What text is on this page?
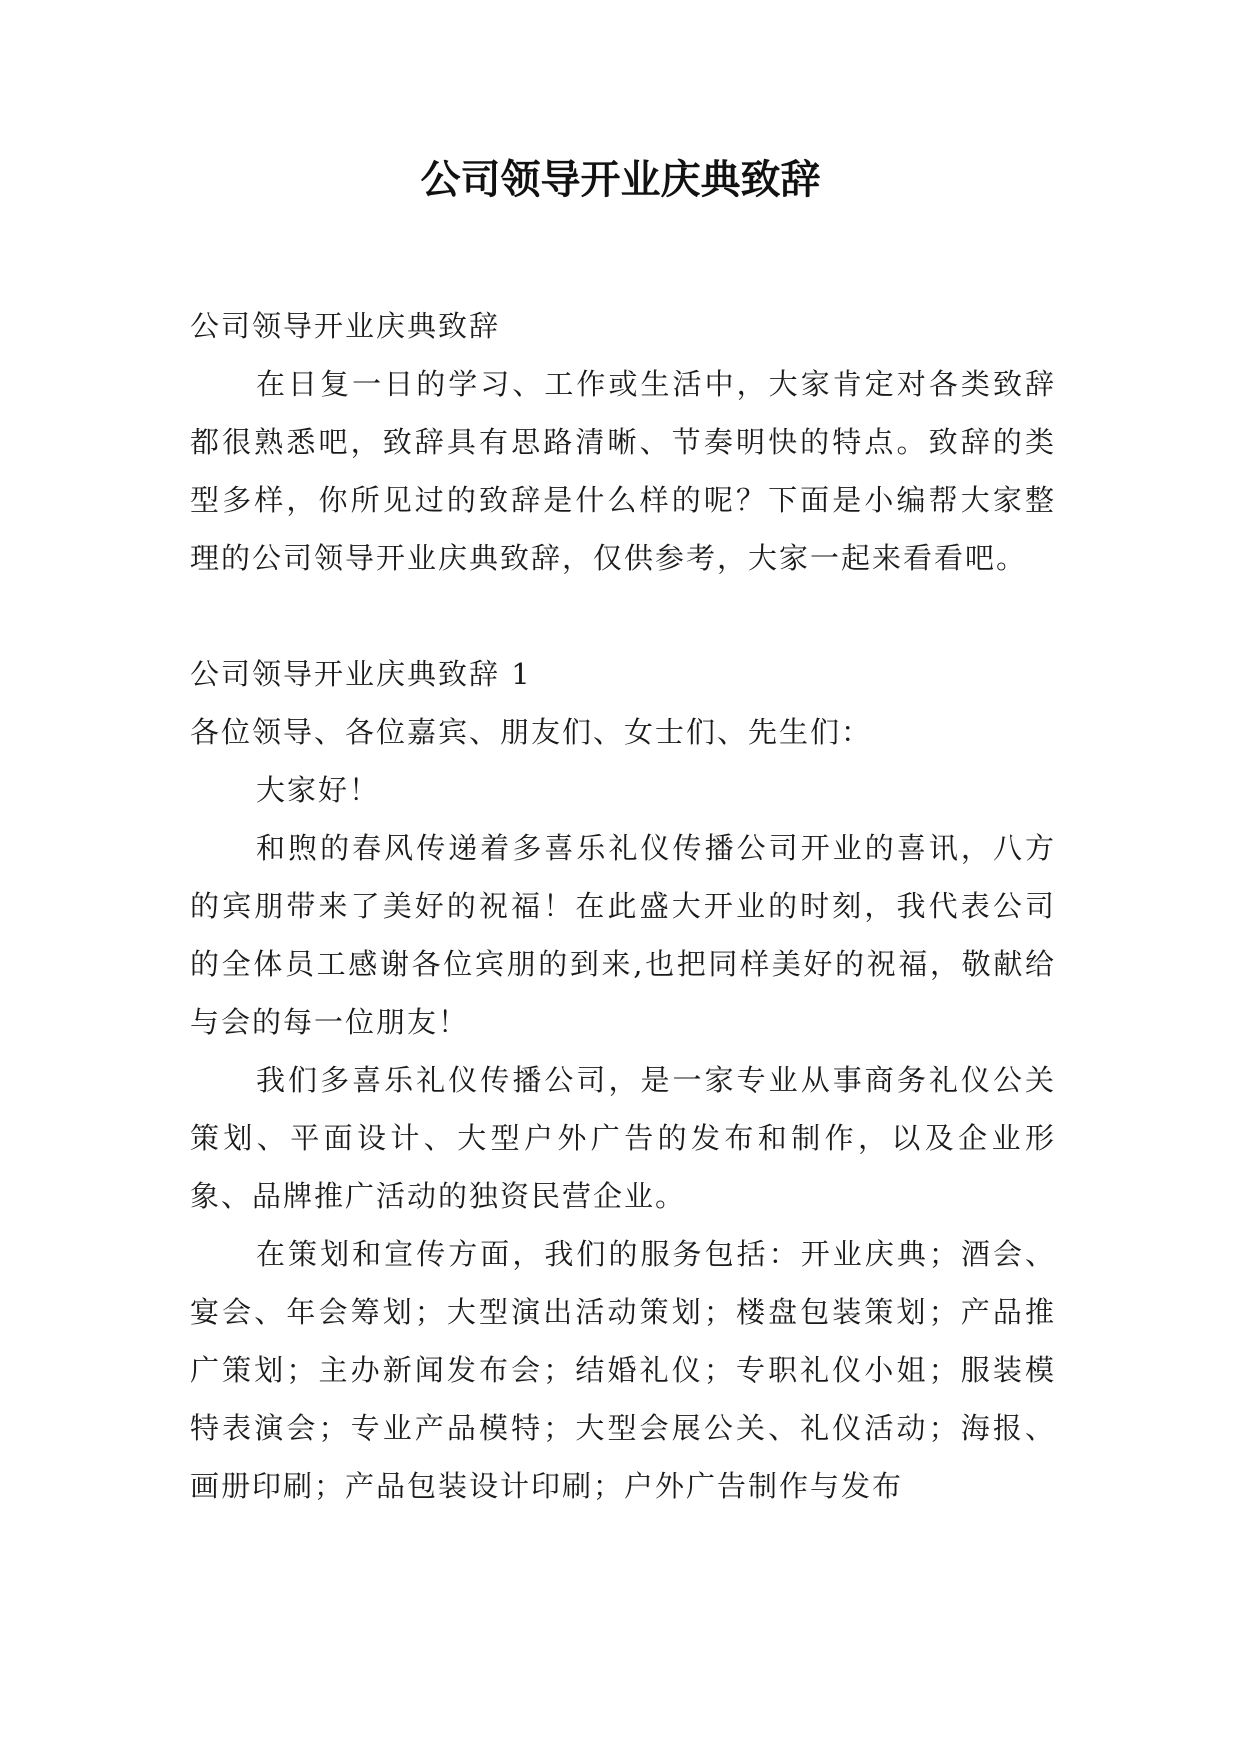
公司领导开业庆典致辞

公司领导开业庆典致辞

在日复一日的学习、工作或生活中，大家肯定对各类致辞都很熟悉吧，致辞具有思路清晰、节奏明快的特点。致辞的类型多样，你所见过的致辞是什么样的呢？下面是小编帮大家整理的公司领导开业庆典致辞，仅供参考，大家一起来看看吧。

公司领导开业庆典致辞 1

各位领导、各位嘉宾、朋友们、女士们、先生们：

大家好！

和煦的春风传递着多喜乐礼仪传播公司开业的喜讯，八方的宾朋带来了美好的祝福！在此盛大开业的时刻，我代表公司的全体员工感谢各位宾朋的到来,也把同样美好的祝福，敬献给与会的每一位朋友！

我们多喜乐礼仪传播公司，是一家专业从事商务礼仪公关策划、平面设计、大型户外广告的发布和制作，以及企业形象、品牌推广活动的独资民营企业。

在策划和宣传方面，我们的服务包括：开业庆典；酒会、宴会、年会筹划；大型演出活动策划；楼盘包装策划；产品推广策划；主办新闻发布会；结婚礼仪；专职礼仪小姐；服装模特表演会；专业产品模特；大型会展公关、礼仪活动；海报、画册印刷；产品包装设计印刷；户外广告制作与发布
